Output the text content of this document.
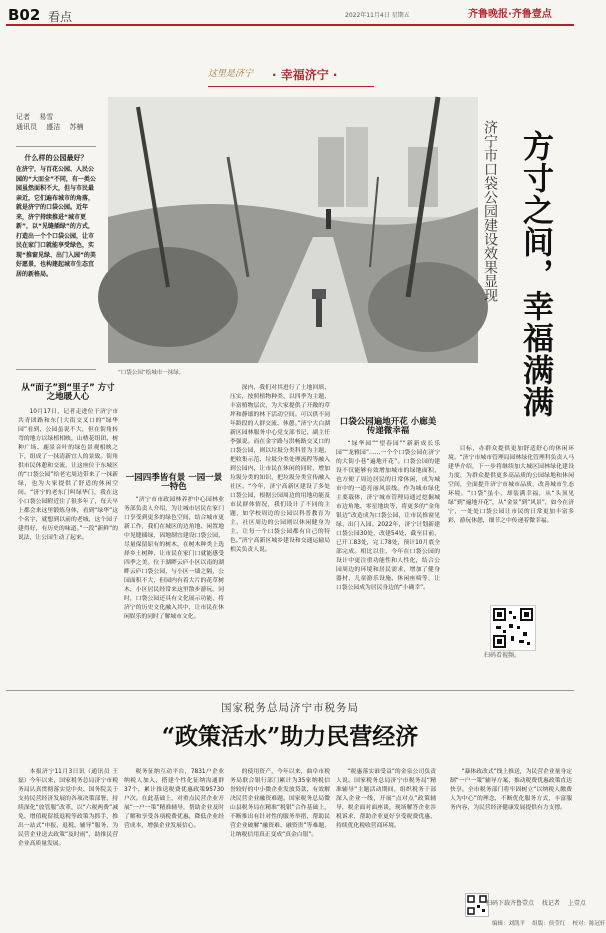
B02 看点	2022年11月4日 星期五	齐鲁晚报·齐鲁壹点
这里是济宁 · 幸福济宁 ·
记者 　易雪
通讯员 　盛洁 　苏楠
什么样的公园最好？
在济宁，与百花公园、人民公园的“大而全”不同，有一类公园虽然面积不大，但与市民最亲近，它们遍布城市的角落，就是济宁的口袋公园。近年来，济宁持续推进“城市更新”，以“见缝插绿”的方式，打造出一个个口袋公园，让市民在家门口就能享受绿色，实现“推窗见绿、出门入园”的美好愿景，也构建起城市生态宜居的新格局。
“口袋公园”绘城市一抹绿。	方寸之间，幸福满满
济宁市口袋公园建设效果显现
从“面子”到“里子” 方寸之地暖人心

10月17日，记者走进位于济宁市共青团路和东门大街交叉口的“绿华园”看到，公园虽说不大，但在街角转弯的地方以绿植相映，山楂花组团、树种广场、鹿景音叶的绿色景观相映之下，组成了一抹清新宜人的景致。街角供市民休憩和交流，让这座位于东城区的“口袋公园”给老宅周边带来了一抹新绿，也为大家提供了舒适的休闲空间。“济宁的老东门叫绿华门，我在这小口袋公园附近住了很多年了，每天早上都会来这里锻炼身体，看到“绿华”这个名字，就想到以前的老城，这个园子建得好，有历史的味道。”一段“新鲜”的说法，让公园生动了起来。

一园四季皆有景 一园一景一特色

“济宁市市政园林养护中心园林业务部负责人介绍，为让城市居民在家门口享受到更多的绿色空间，结合城市更新工作，我们在城区的边角地、闲置地中见缝插绿，因地制宜建设口袋公园，尽量保留原有的树木，在树木种类上选择乡土树种，让市民在家门口就能感受四季之美。位于湖畔云庐小区以南的湖畔云庐口袋公园，与小区一墙之隔，公园面积不大，但园内有着大片的花草树木，小区居民经常来这里散步游玩。同时，口袋公园还具有文化展示功能，将济宁的历史文化融入其中，让市民在休闲娱乐的同时了解城市文化。

深内，我们对其进行了土地回填、压实，按照植物种类、以四季为主题，丰富植物层次，为大家提供了开敞的草坪和静谧的林下活动空间。可以供不同年龄段的人群交流、休憩。”济宁大白湖新区园林服务中心党支部书记、副主任李强说。而在金宇路与洪畅路交叉口的口袋公园，则以垃圾分类科普为主题，把收集示范、垃圾分类处理流程等融入到公园内，让市民在休闲的同时，增加垃圾分类的知识，把垃圾分类宣传融入社区。“今年，济宁高新区建设了多处口袋公园，根据公园周边的用地功能及市民群体情况，我们设计了不同的主题，如学校周边的公园以科普教育为主，社区周边的公园则以休闲健身为主，让每一个口袋公园都有自己的特色。”济宁高新区城乡建设和交通运输局相关负责人说。

口袋公园遍地开花 小廊美传递微幸福

“绿华园”“望春园”“新新成长乐园”“龙雅园”……一个个口袋公园在济宁的大街小巷“遍地开花”。口袋公园的建设不仅能够有效增加城市的绿地面积，也方便了周边居民的日常休闲，成为城市中的一道亮丽风景线。作为城市绿化主要载体，济宁城市管理局通过挖掘城市边角地、零星地块等，将更多的“金角银边”改造成为口袋公园，让市民推窗见绿、出门入园。2022年，济宁计划新建口袋公园30处，改建54处，截至目前，已开工83处，完工78处，预计10月底全部完成。相比以往，今年在口袋公园的设计中更注重功能性和人性化，结合公园周边的环境和居民需求，增加了健身器材、儿童游乐设施、休闲座椅等，让口袋公园成为居民身边的“小确幸”。

目标，办群众提供更加舒适舒心的休闲环境。“济宁市城市管理局园林绿化管理科负责人马建华介绍，下一步将继续加大城区园林绿化建设力度，为群众提供更多高品质的公园绿地和休闲空间，全面提升济宁市城市品质，改善城市生态环境。“口袋”虽小，却装满幸福，从“头顶见绿”到“遍地开花”，从“金景”到“风景”，如今在济宁，一处处口袋公园让市民的日常更加丰富多彩，游玩休憩，细节之中传递着微幸福。

扫码看视频。
国家税务总局济宁市税务局
“政策活水”助力民营经济

本报济宁11月3日讯（通讯员 王磊）今年以来，国家税务总局济宁市税务局认真贯彻落实党中央、国务院关于支持民营经济发展的各项决策部署，持续深化“放管服”改革，以“六税两费”减免、增值税留抵退税等政策为抓手，推出一站式“申报、退税、辅导”服务，为民营企业送去政策“及时雨”，助推民营企业高质量发展。

税务征纳互动平台，7831户企业纳税人加入，搭建个性化征纳沟通群37个，累计推送税费优惠政策95730户次。在此基础上，对重点民营企业开展“一户一策”精准辅导，帮助企业及时了解和享受各项税费优惠，降低企业经营成本，增强企业发展信心。

的使用资产，今年以来，曲阜市税务局联合银行部门累计为35家纳税信誉较好的中小微企业发放贷款，有效解决民营企业融资难题。国家税务总局微山县税务局在精准“税银”合作基础上，不断推出有针对性的服务举措，帮助民营企业破解“融资难、融资贵”等难题，让纳税信用真正变成“真金白银”。

“税惠落实谁受益”的金泉公司负责人说。国家税务总局济宁市税务局“精准辅导”主题活动期间，组织税务干部深入企业一线，开展“点对点”政策辅导，税企面对面座谈，现场解答企业涉税诉求，帮助企业更好享受税费优惠，持续优化税收营商环境。

“暴体政改式”线上推送，为民营企业量身定制“一户一策”辅导方案，推动税费优惠政策直达快享。全市税务部门将牢固树立“以纳税人缴费人为中心”的理念，不断优化服务方式，丰富服务内容，为民营经济健康发展提供有力支撑。

扫码下载齐鲁壹点 　找记者 　上壹点
编辑：刘凯平 　组版：侯莹红 　校对：陈冠轩
